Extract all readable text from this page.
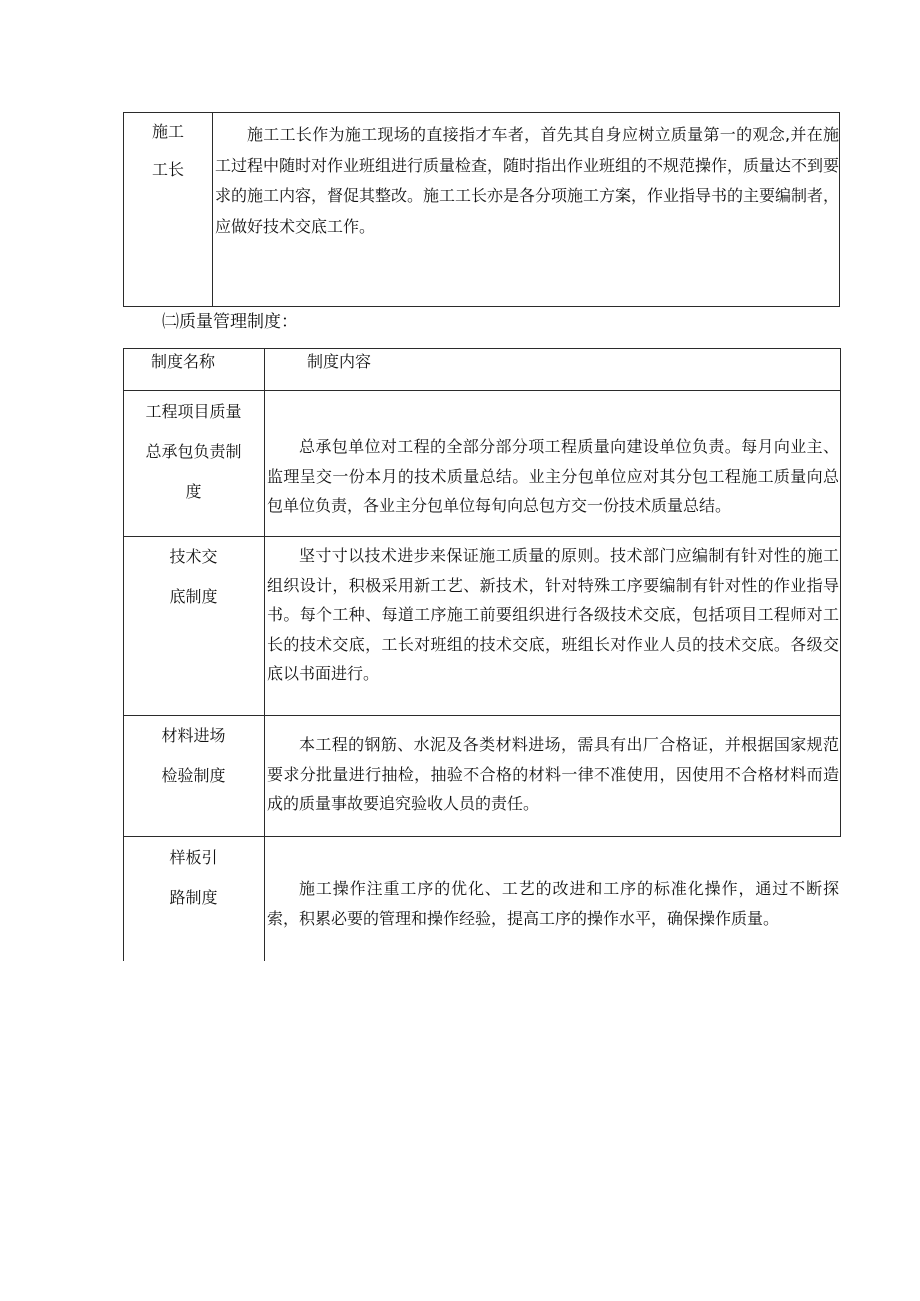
施工
工长
施工工长作为施工现场的直接指才车者，首先其自身应树立质量第一的观念,并在施工过程中随时对作业班组进行质量检查，随时指出作业班组的不规范操作，质量达不到要求的施工内容，督促其整改。施工工长亦是各分项施工方案，作业指导书的主要编制者，应做好技术交底工作。
㈡质量管理制度：
制度名称	制度内容
工程项目质量
总承包负责制
度
总承包单位对工程的全部分部分项工程质量向建设单位负责。每月向业主、监理呈交一份本月的技术质量总结。业主分包单位应对其分包工程施工质量向总包单位负责，各业主分包单位每旬向总包方交一份技术质量总结。
技术交
底制度
坚寸寸以技术进步来保证施工质量的原则。技术部门应编制有针对性的施工组织设计，积极采用新工艺、新技术，针对特殊工序要编制有针对性的作业指导书。每个工种、每道工序施工前要组织进行各级技术交底，包括项目工程师对工长的技术交底，工长对班组的技术交底，班组长对作业人员的技术交底。各级交底以书面进行。
材料进场
检验制度
本工程的钢筋、水泥及各类材料进场，需具有出厂合格证，并根据国家规范要求分批量进行抽检，抽验不合格的材料一律不准使用，因使用不合格材料而造成的质量事故要追究验收人员的责任。
样板引
路制度	施工操作注重工序的优化、工艺的改进和工序的标准化操作，通过不断探索，积累必要的管理和操作经验，提高工序的操作水平，确保操作质量。
